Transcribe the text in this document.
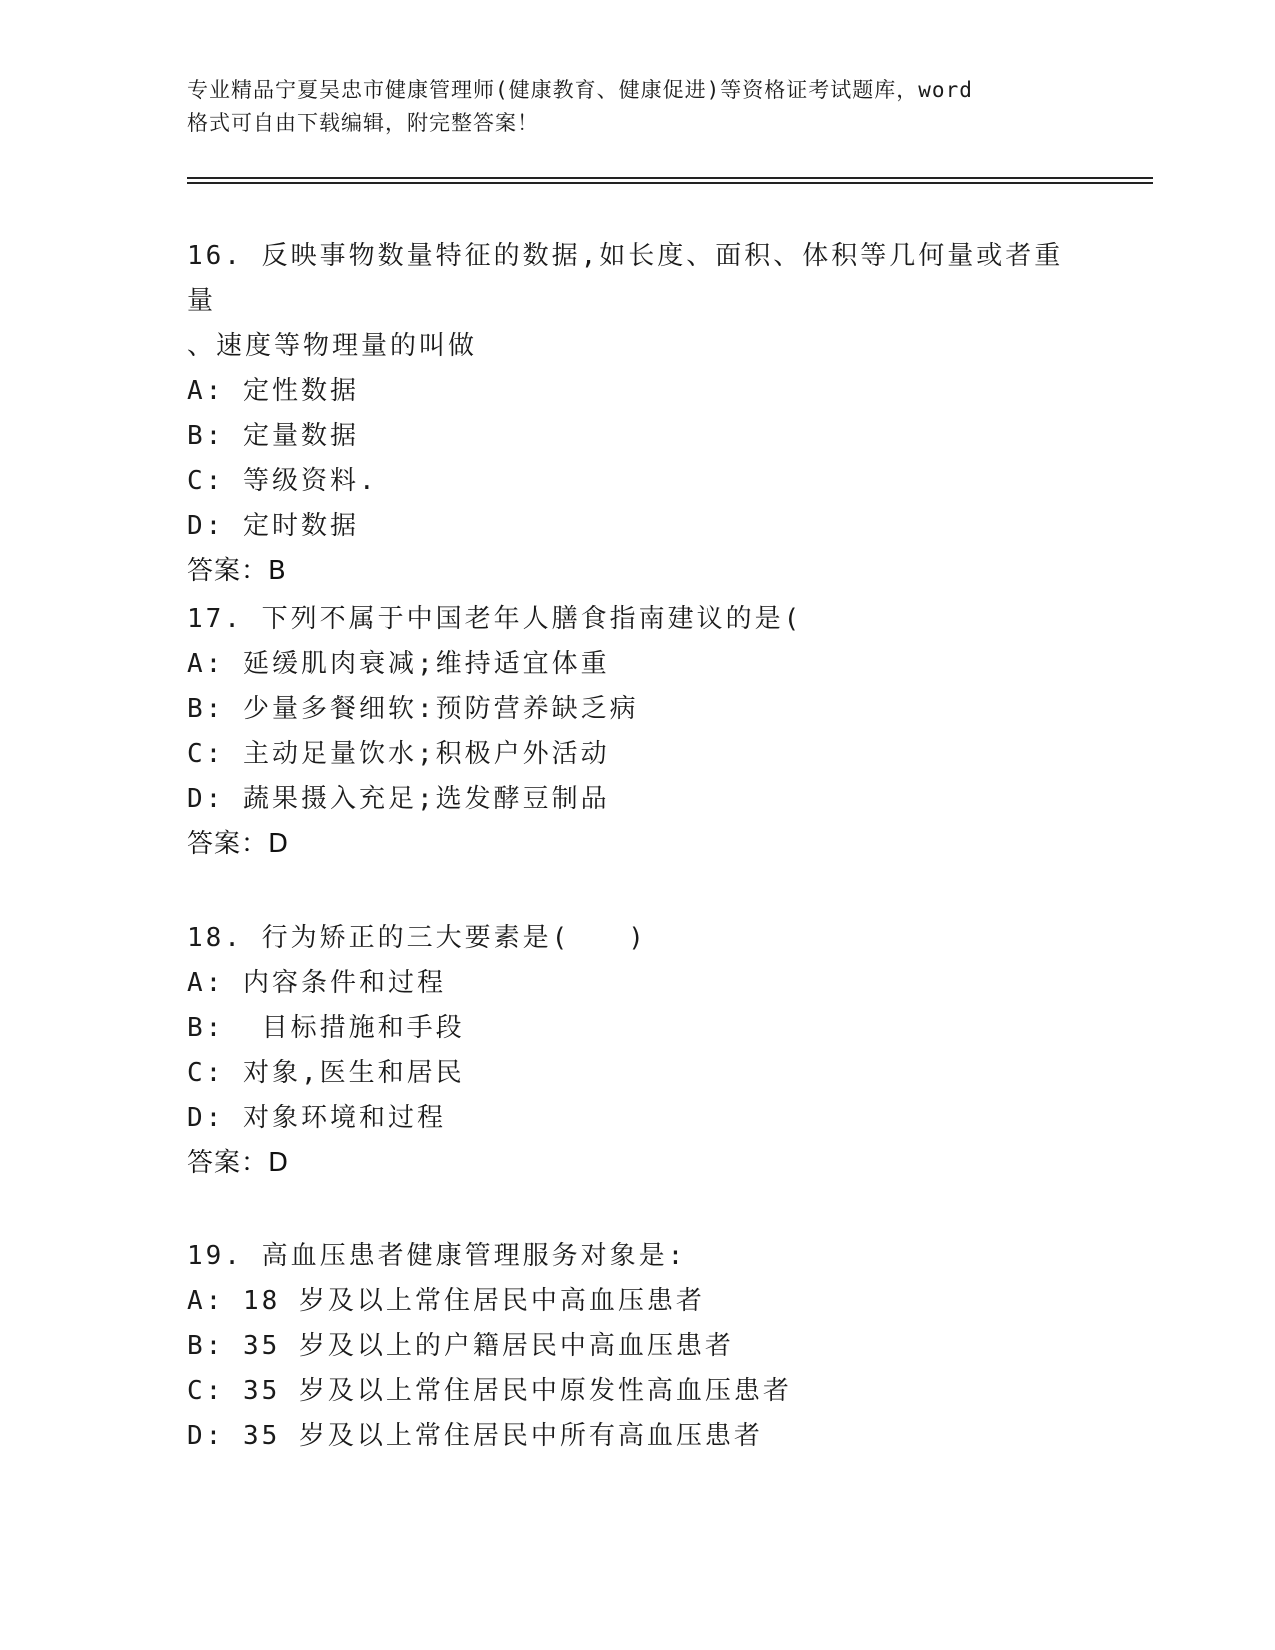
专业精品宁夏吴忠市健康管理师(健康教育、健康促进)等资格证考试题库，word
格式可自由下载编辑，附完整答案！

16. 反映事物数量特征的数据,如长度、面积、体积等几何量或者重量

、速度等物理量的叫做

A: 定性数据

B: 定量数据

C: 等级资料.

D: 定时数据

答案：B

17. 下列不属于中国老年人膳食指南建议的是(

A: 延缓肌肉衰减;维持适宜体重

B: 少量多餐细软:预防营养缺乏病

C: 主动足量饮水;积极户外活动

D: 蔬果摄入充足;选发酵豆制品

答案：D

18. 行为矫正的三大要素是(　　)

A: 内容条件和过程

B:  目标措施和手段

C: 对象,医生和居民

D: 对象环境和过程

答案：D

19. 高血压患者健康管理服务对象是:

A: 18 岁及以上常住居民中高血压患者

B: 35 岁及以上的户籍居民中高血压患者

C: 35 岁及以上常住居民中原发性高血压患者

D: 35 岁及以上常住居民中所有高血压患者
